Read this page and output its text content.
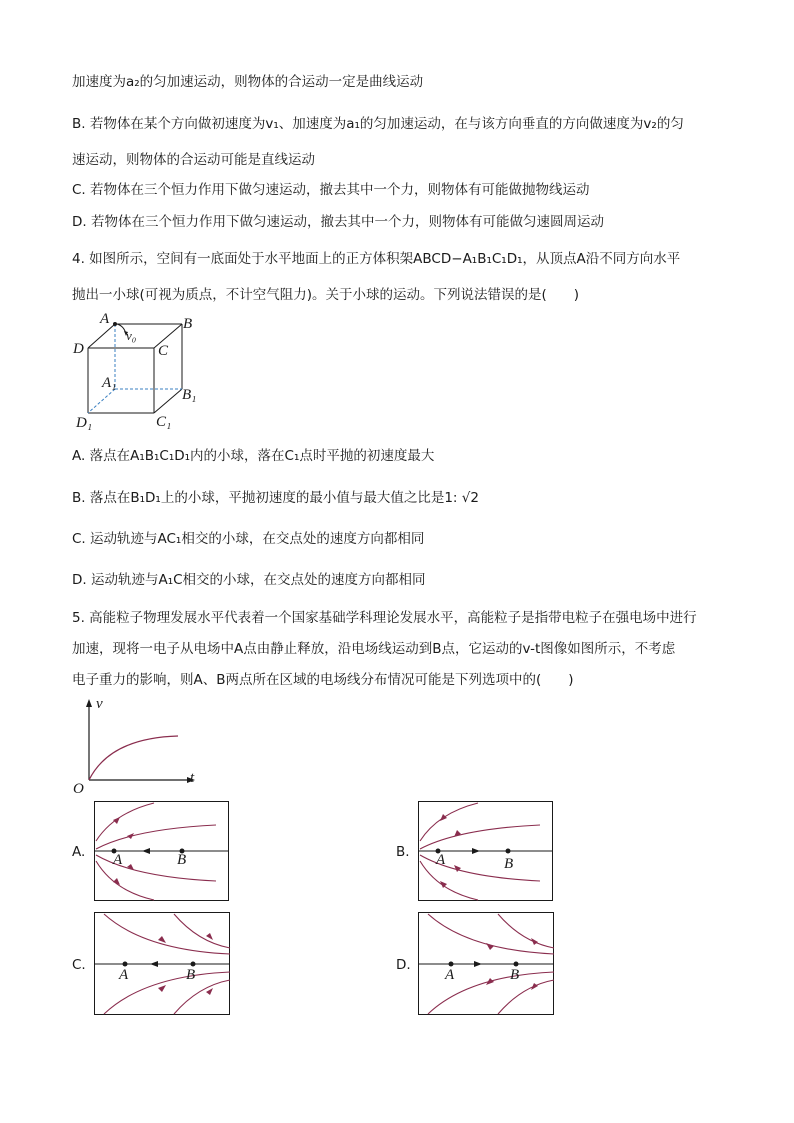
加速度为a₂的匀加速运动，则物体的合运动一定是曲线运动
B. 若物体在某个方向做初速度为v₁、加速度为a₁的匀加速运动，在与该方向垂直的方向做速度为v₂的匀
速运动，则物体的合运动可能是直线运动
C. 若物体在三个恒力作用下做匀速运动，撤去其中一个力，则物体有可能做抛物线运动
D. 若物体在三个恒力作用下做匀速运动，撤去其中一个力，则物体有可能做匀速圆周运动
4. 如图所示，空间有一底面处于水平地面上的正方体积架ABCD−A₁B₁C₁D₁，从顶点A沿不同方向水平
抛出一小球(可视为质点，不计空气阻力)。关于小球的运动。下列说法错误的是(　　)
A
v₀
B
D	C
A₁
B₁
C₁
D₁
A. 落点在A₁B₁C₁D₁内的小球，落在C₁点时平抛的初速度最大
B. 落点在B₁D₁上的小球，平抛初速度的最小值与最大值之比是1: √2
C. 运动轨迹与AC₁相交的小球，在交点处的速度方向都相同
D. 运动轨迹与A₁C相交的小球，在交点处的速度方向都相同
5. 高能粒子物理发展水平代表着一个国家基础学科理论发展水平，高能粒子是指带电粒子在强电场中进行
加速，现将一电子从电场中A点由静止释放，沿电场线运动到B点，它运动的v-t图像如图所示，不考虑
电子重力的影响，则A、B两点所在区域的电场线分布情况可能是下列选项中的(　　)
v
t
O
A. A	B	B. A	B
C.
A	B
D.
A	B
